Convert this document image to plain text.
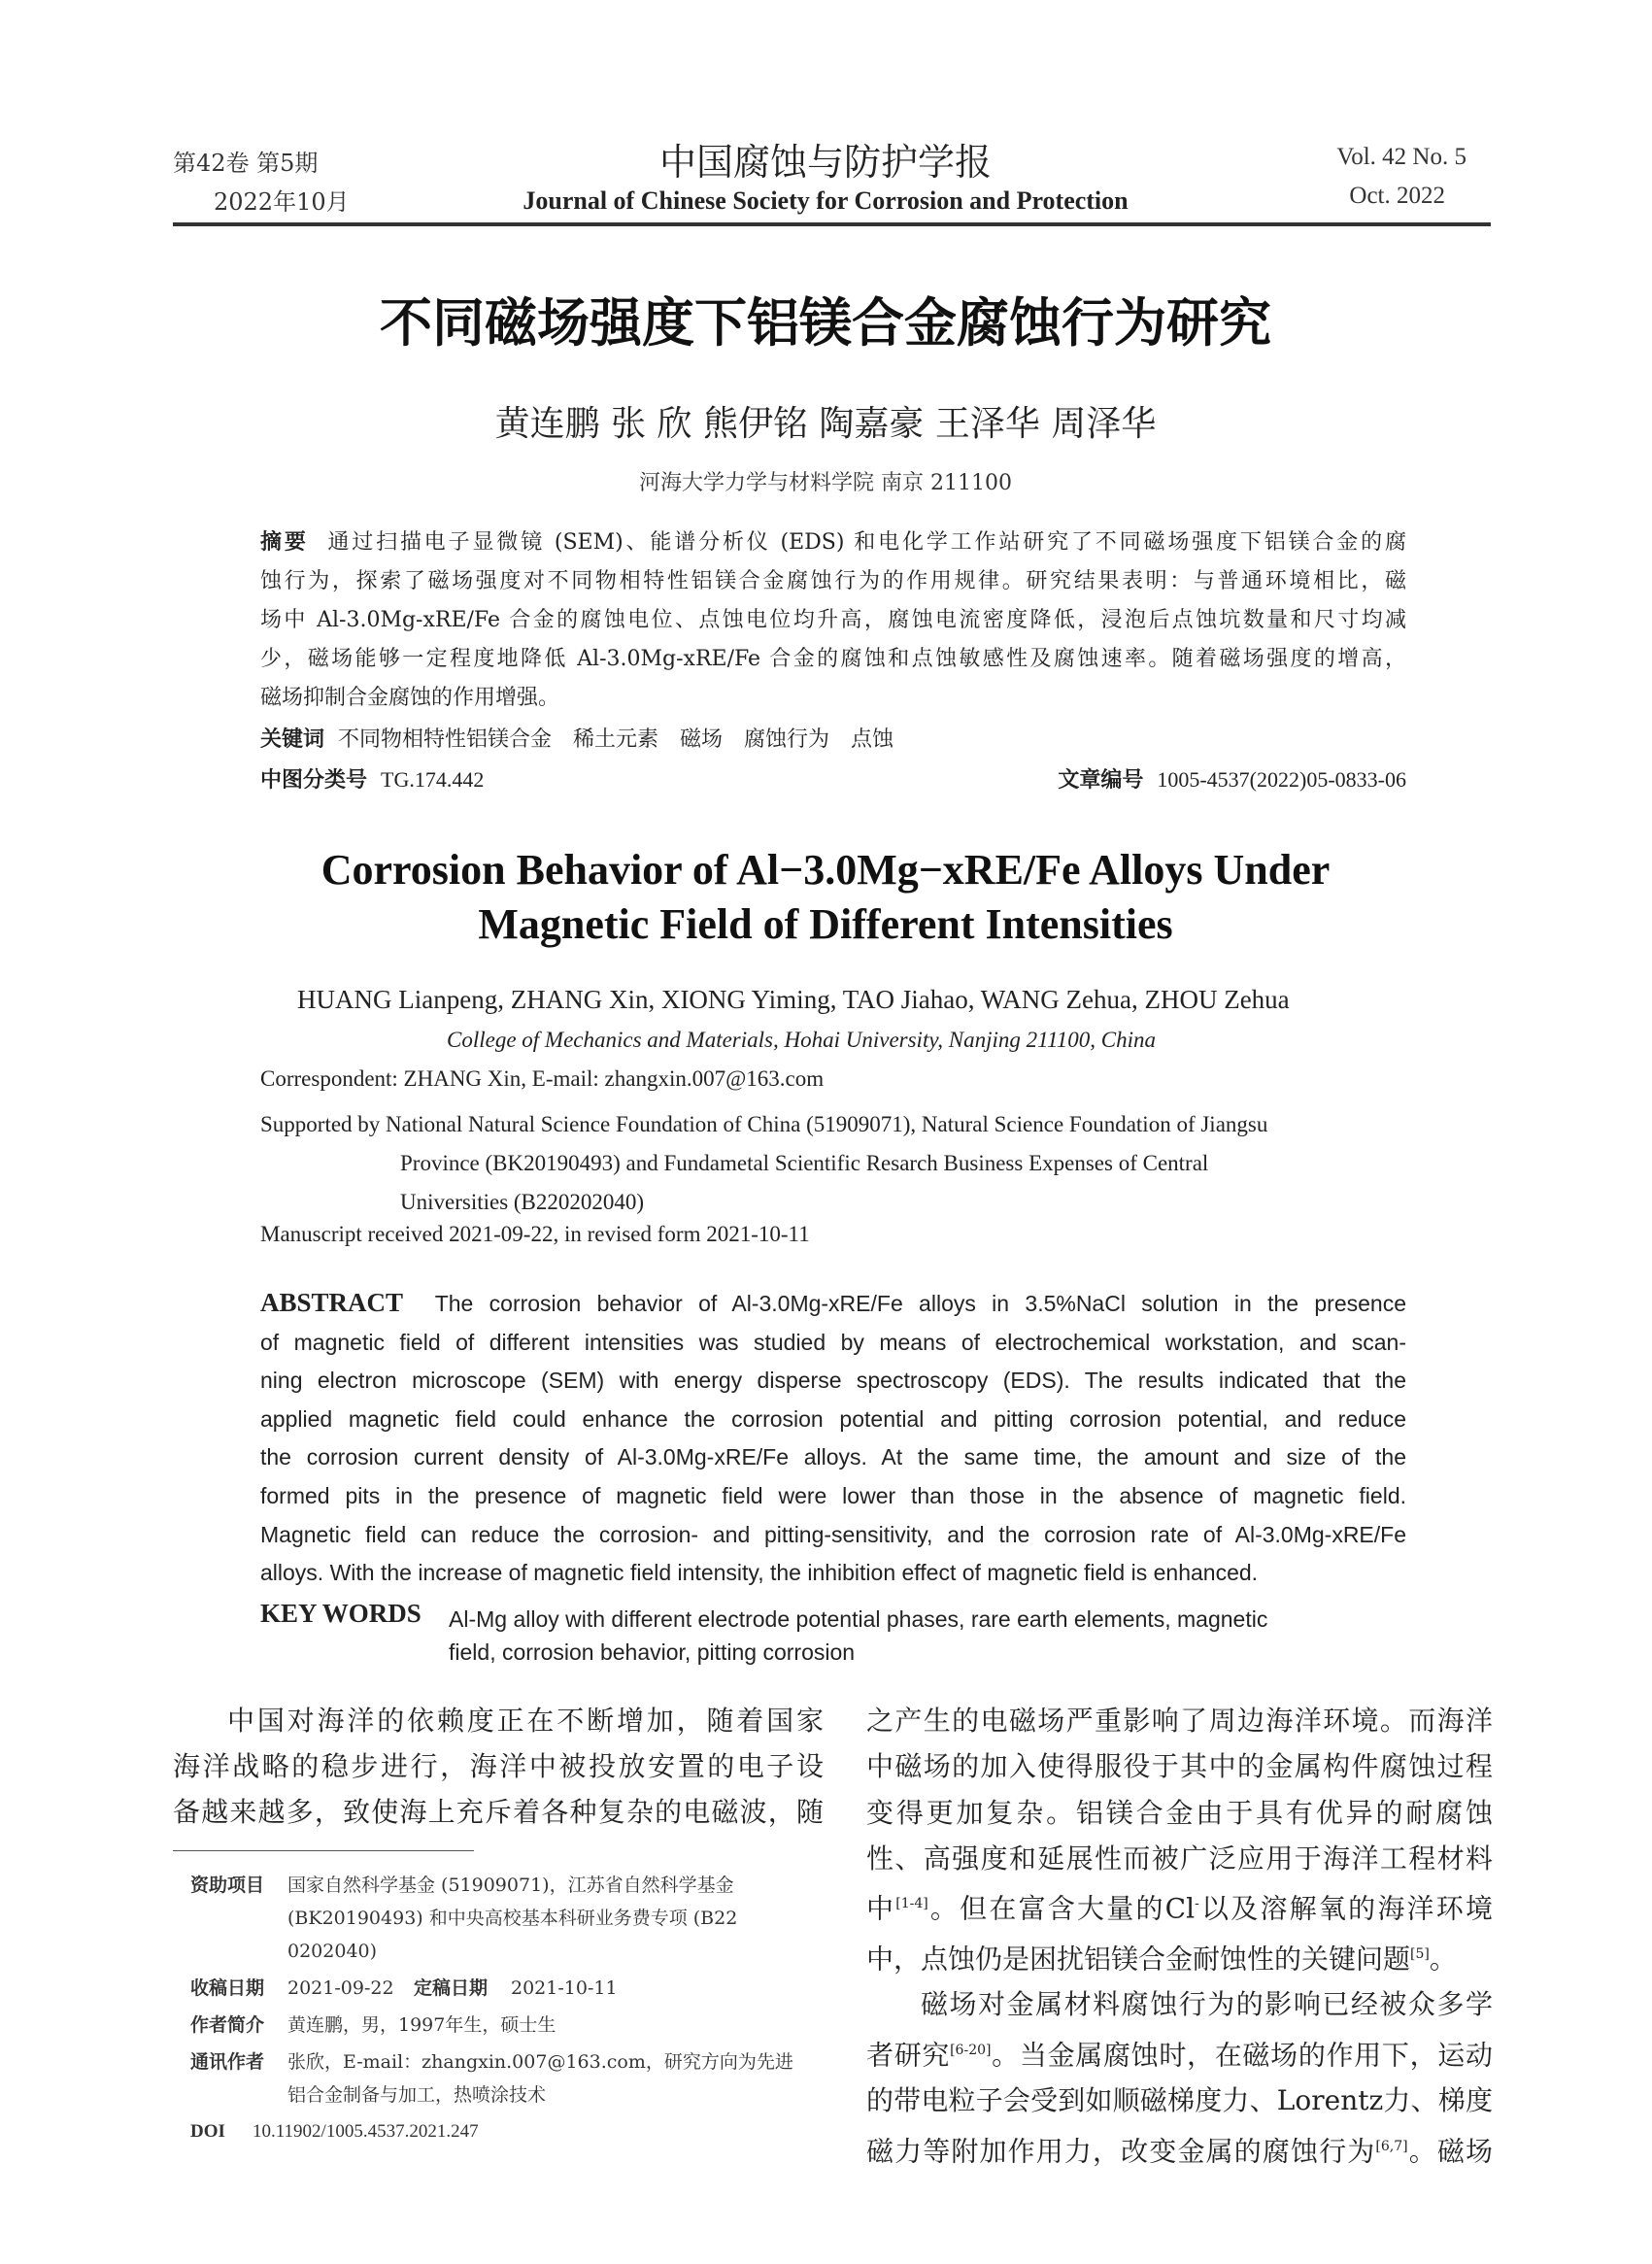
第42卷 第5期
2022年10月
中国腐蚀与防护学报
Journal of Chinese Society for Corrosion and Protection
Vol. 42 No. 5
Oct. 2022
不同磁场强度下铝镁合金腐蚀行为研究
黄连鹏 张 欣 熊伊铭 陶嘉豪 王泽华 周泽华
河海大学力学与材料学院 南京 211100

摘要 通过扫描电子显微镜 (SEM)、能谱分析仪 (EDS) 和电化学工作站研究了不同磁场强度下铝镁合金的腐

蚀行为，探索了磁场强度对不同物相特性铝镁合金腐蚀行为的作用规律。研究结果表明：与普通环境相比，磁

场中 Al-3.0Mg-xRE/Fe 合金的腐蚀电位、点蚀电位均升高，腐蚀电流密度降低，浸泡后点蚀坑数量和尺寸均减

少，磁场能够一定程度地降低 Al-3.0Mg-xRE/Fe 合金的腐蚀和点蚀敏感性及腐蚀速率。随着磁场强度的增高，

磁场抑制合金腐蚀的作用增强。

关键词 不同物相特性铝镁合金　稀土元素　磁场　腐蚀行为　点蚀
中图分类号 TG.174.442	文章编号 1005-4537(2022)05-0833-06

Corrosion Behavior of Al−3.0Mg−xRE/Fe Alloys Under

Magnetic Field of Different Intensities

HUANG Lianpeng, ZHANG Xin, XIONG Yiming, TAO Jiahao, WANG Zehua, ZHOU Zehua
College of Mechanics and Materials, Hohai University, Nanjing 211100, China
Correspondent: ZHANG Xin, E-mail: zhangxin.007@163.com

Supported by National Natural Science Foundation of China (51909071), Natural Science Foundation of Jiangsu

Province (BK20190493) and Fundametal Scientific Resarch Business Expenses of Central

Universities (B220202040)

Manuscript received 2021-09-22, in revised form 2021-10-11

ABSTRACT The corrosion behavior of Al-3.0Mg-xRE/Fe alloys in 3.5%NaCl solution in the presence

of magnetic field of different intensities was studied by means of electrochemical workstation, and scan-

ning electron microscope (SEM) with energy disperse spectroscopy (EDS). The results indicated that the

applied magnetic field could enhance the corrosion potential and pitting corrosion potential, and reduce

the corrosion current density of Al-3.0Mg-xRE/Fe alloys. At the same time, the amount and size of the

formed pits in the presence of magnetic field were lower than those in the absence of magnetic field.

Magnetic field can reduce the corrosion- and pitting-sensitivity, and the corrosion rate of Al-3.0Mg-xRE/Fe

alloys. With the increase of magnetic field intensity, the inhibition effect of magnetic field is enhanced.

KEY WORDS Al-Mg alloy with different electrode potential phases, rare earth elements, magnetic

field, corrosion behavior, pitting corrosion

中国对海洋的依赖度正在不断增加，随着国家

海洋战略的稳步进行，海洋中被投放安置的电子设

备越来越多，致使海上充斥着各种复杂的电磁波，随

资助项目	国家自然科学基金 (51909071)，江苏省自然科学基金

(BK20190493) 和中央高校基本科研业务费专项 (B22

0202040)

收稿日期	2021-09-22	定稿日期	2021-10-11
作者简介	黄连鹏，男，1997年生，硕士生
通讯作者	张欣，E-mail：zhangxin.007@163.com，研究方向为先进

铝合金制备与加工，热喷涂技术

DOI	10.11902/1005.4537.2021.247

之产生的电磁场严重影响了周边海洋环境。而海洋

中磁场的加入使得服役于其中的金属构件腐蚀过程

变得更加复杂。铝镁合金由于具有优异的耐腐蚀

性、高强度和延展性而被广泛应用于海洋工程材料

中[1-4]。但在富含大量的Cl-以及溶解氧的海洋环境

中，点蚀仍是困扰铝镁合金耐蚀性的关键问题[5]。

磁场对金属材料腐蚀行为的影响已经被众多学

者研究[6-20]。当金属腐蚀时，在磁场的作用下，运动

的带电粒子会受到如顺磁梯度力、Lorentz力、梯度

磁力等附加作用力，改变金属的腐蚀行为[6,7]。磁场
